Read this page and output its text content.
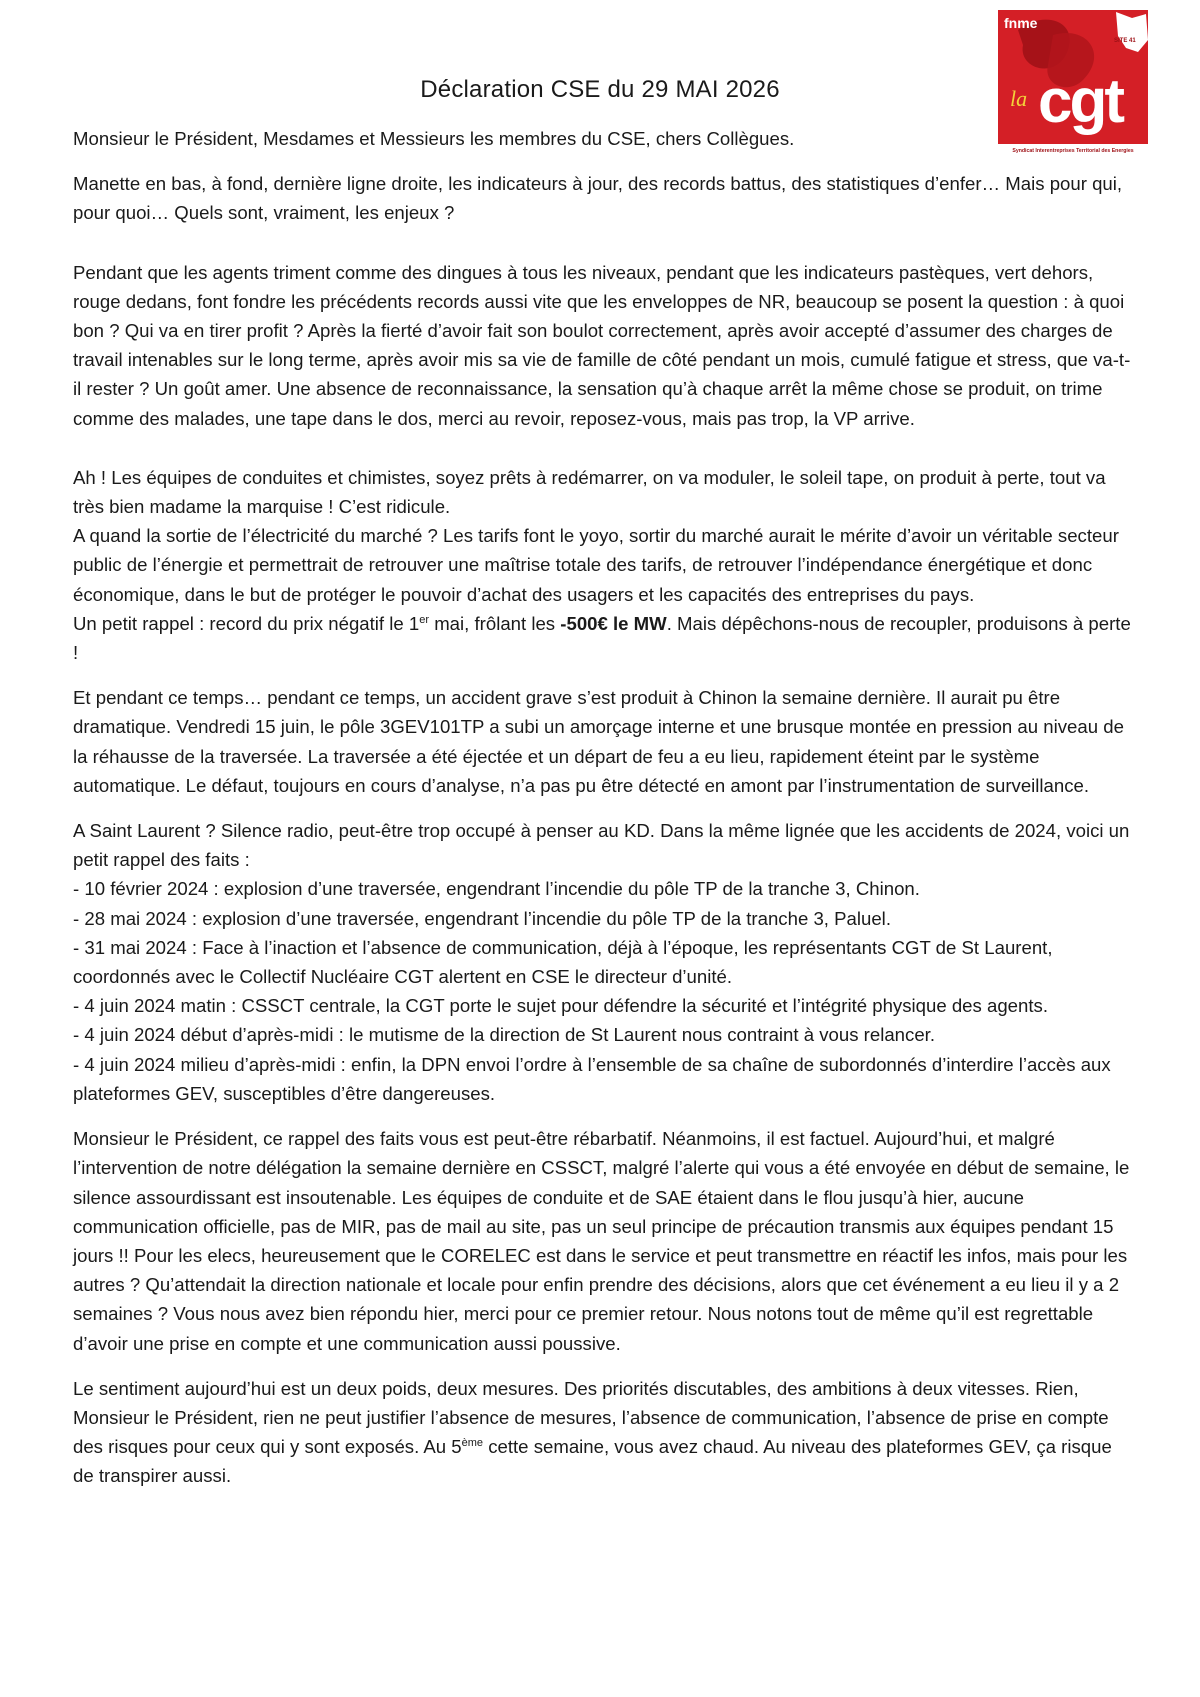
fnme
SITE 41
cgt
la
Syndicat Interentreprises Territorial des Energies
Déclaration CSE du 29 MAI 2026

Monsieur le Président, Mesdames et Messieurs les membres du CSE, chers Collègues.

Manette en bas, à fond, dernière ligne droite, les indicateurs à jour, des records battus, des statistiques d’enfer… Mais pour qui, pour quoi… Quels sont, vraiment, les enjeux ?

Pendant que les agents triment comme des dingues à tous les niveaux, pendant que les indicateurs pastèques, vert dehors, rouge dedans, font fondre les précédents records aussi vite que les enveloppes de NR, beaucoup se posent la question : à quoi bon ? Qui va en tirer profit ? Après la fierté d’avoir fait son boulot correctement, après avoir accepté d’assumer des charges de travail intenables sur le long terme, après avoir mis sa vie de famille de côté pendant un mois, cumulé fatigue et stress, que va-t-il rester ? Un goût amer. Une absence de reconnaissance, la sensation qu’à chaque arrêt la même chose se produit, on trime comme des malades, une tape dans le dos, merci au revoir, reposez-vous, mais pas trop, la VP arrive.

Ah ! Les équipes de conduites et chimistes, soyez prêts à redémarrer, on va moduler, le soleil tape, on produit à perte, tout va très bien madame la marquise ! C’est ridicule.
A quand la sortie de l’électricité du marché ? Les tarifs font le yoyo, sortir du marché aurait le mérite d’avoir un véritable secteur public de l’énergie et permettrait de retrouver une maîtrise totale des tarifs, de retrouver l’indépendance énergétique et donc économique, dans le but de protéger le pouvoir d’achat des usagers et les capacités des entreprises du pays.
Un petit rappel : record du prix négatif le 1er mai, frôlant les -500€ le MW. Mais dépêchons-nous de recoupler, produisons à perte !

Et pendant ce temps… pendant ce temps, un accident grave s’est produit à Chinon la semaine dernière. Il aurait pu être dramatique. Vendredi 15 juin, le pôle 3GEV101TP a subi un amorçage interne et une brusque montée en pression au niveau de la réhausse de la traversée. La traversée a été éjectée et un départ de feu a eu lieu, rapidement éteint par le système automatique. Le défaut, toujours en cours d’analyse, n’a pas pu être détecté en amont par l’instrumentation de surveillance.

A Saint Laurent ? Silence radio, peut-être trop occupé à penser au KD. Dans la même lignée que les accidents de 2024, voici un petit rappel des faits :
- 10 février 2024 : explosion d’une traversée, engendrant l’incendie du pôle TP de la tranche 3, Chinon.
- 28 mai 2024 : explosion d’une traversée, engendrant l’incendie du pôle TP de la tranche 3, Paluel.
- 31 mai 2024 : Face à l’inaction et l’absence de communication, déjà à l’époque, les représentants CGT de St Laurent, coordonnés avec le Collectif Nucléaire CGT alertent en CSE le directeur d’unité.
- 4 juin 2024 matin : CSSCT centrale, la CGT porte le sujet pour défendre la sécurité et l’intégrité physique des agents.
- 4 juin 2024 début d’après-midi : le mutisme de la direction de St Laurent nous contraint à vous relancer.
- 4 juin 2024 milieu d’après-midi : enfin, la DPN envoi l’ordre à l’ensemble de sa chaîne de subordonnés d’interdire l’accès aux plateformes GEV, susceptibles d’être dangereuses.

Monsieur le Président, ce rappel des faits vous est peut-être rébarbatif. Néanmoins, il est factuel. Aujourd’hui, et malgré l’intervention de notre délégation la semaine dernière en CSSCT, malgré l’alerte qui vous a été envoyée en début de semaine, le silence assourdissant est insoutenable. Les équipes de conduite et de SAE étaient dans le flou jusqu’à hier, aucune communication officielle, pas de MIR, pas de mail au site, pas un seul principe de précaution transmis aux équipes pendant 15 jours !! Pour les elecs, heureusement que le CORELEC est dans le service et peut transmettre en réactif les infos, mais pour les autres ? Qu’attendait la direction nationale et locale pour enfin prendre des décisions, alors que cet événement a eu lieu il y a 2 semaines ? Vous nous avez bien répondu hier, merci pour ce premier retour. Nous notons tout de même qu’il est regrettable d’avoir une prise en compte et une communication aussi poussive.

Le sentiment aujourd’hui est un deux poids, deux mesures. Des priorités discutables, des ambitions à deux vitesses. Rien, Monsieur le Président, rien ne peut justifier l’absence de mesures, l’absence de communication, l’absence de prise en compte des risques pour ceux qui y sont exposés. Au 5ème cette semaine, vous avez chaud. Au niveau des plateformes GEV, ça risque de transpirer aussi.
